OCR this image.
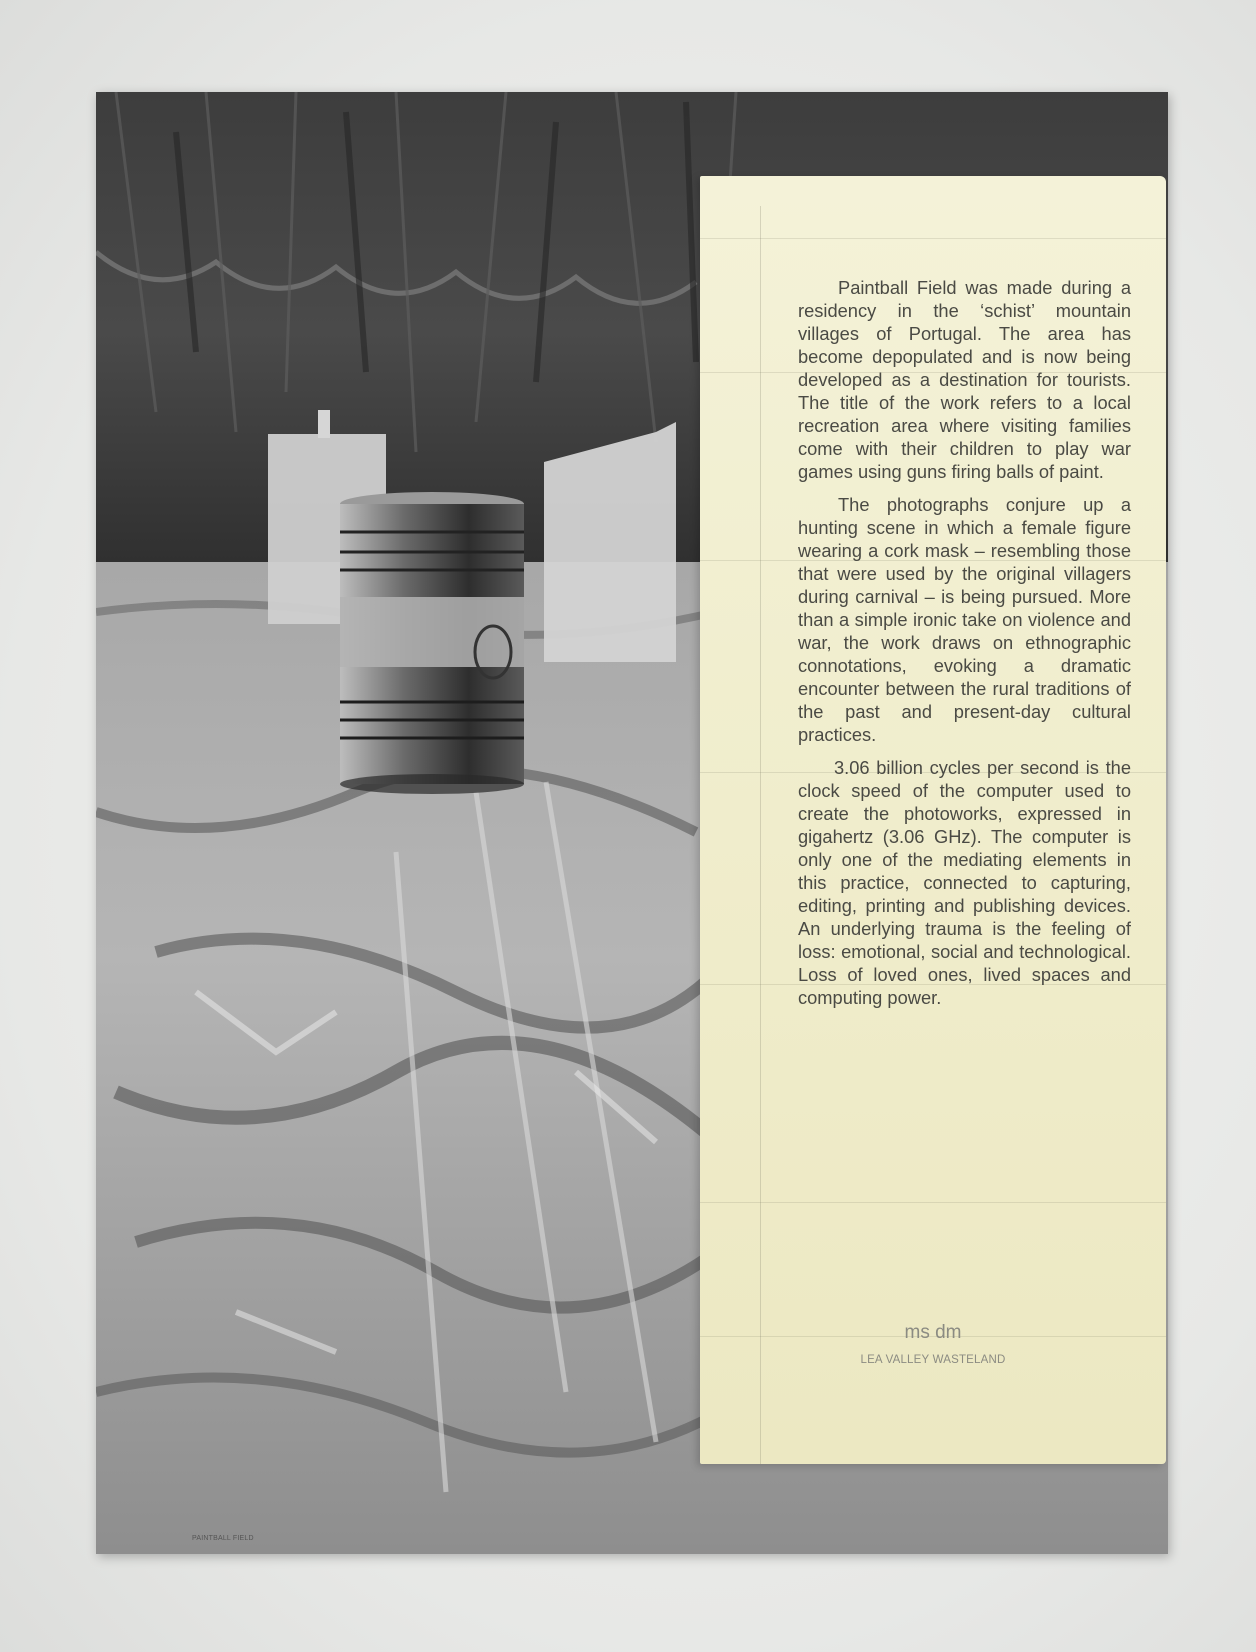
PAINTBALL FIELD

Paintball Field was made during a residency in the ‘schist’ mountain villages of Portugal. The area has become depopulated and is now being developed as a destination for tourists. The title of the work refers to a local recreation area where visiting families come with their children to play war games using guns firing balls of paint.

The photographs conjure up a hunting scene in which a female figure wearing a cork mask – resembling those that were used by the original villagers during carnival – is being pursued. More than a simple ironic take on violence and war, the work draws on ethnographic connotations, evoking a dramatic encounter between the rural traditions of the past and present-day cultural practices.

3.06 billion cycles per second is the clock speed of the computer used to create the photoworks, expressed in gigahertz (3.06 GHz). The computer is only one of the mediating elements in this practice, connected to capturing, editing, printing and publishing devices. An underlying trauma is the feeling of loss: emotional, social and technological. Loss of loved ones, lived spaces and computing power.

ms dm
LEA VALLEY WASTELAND
